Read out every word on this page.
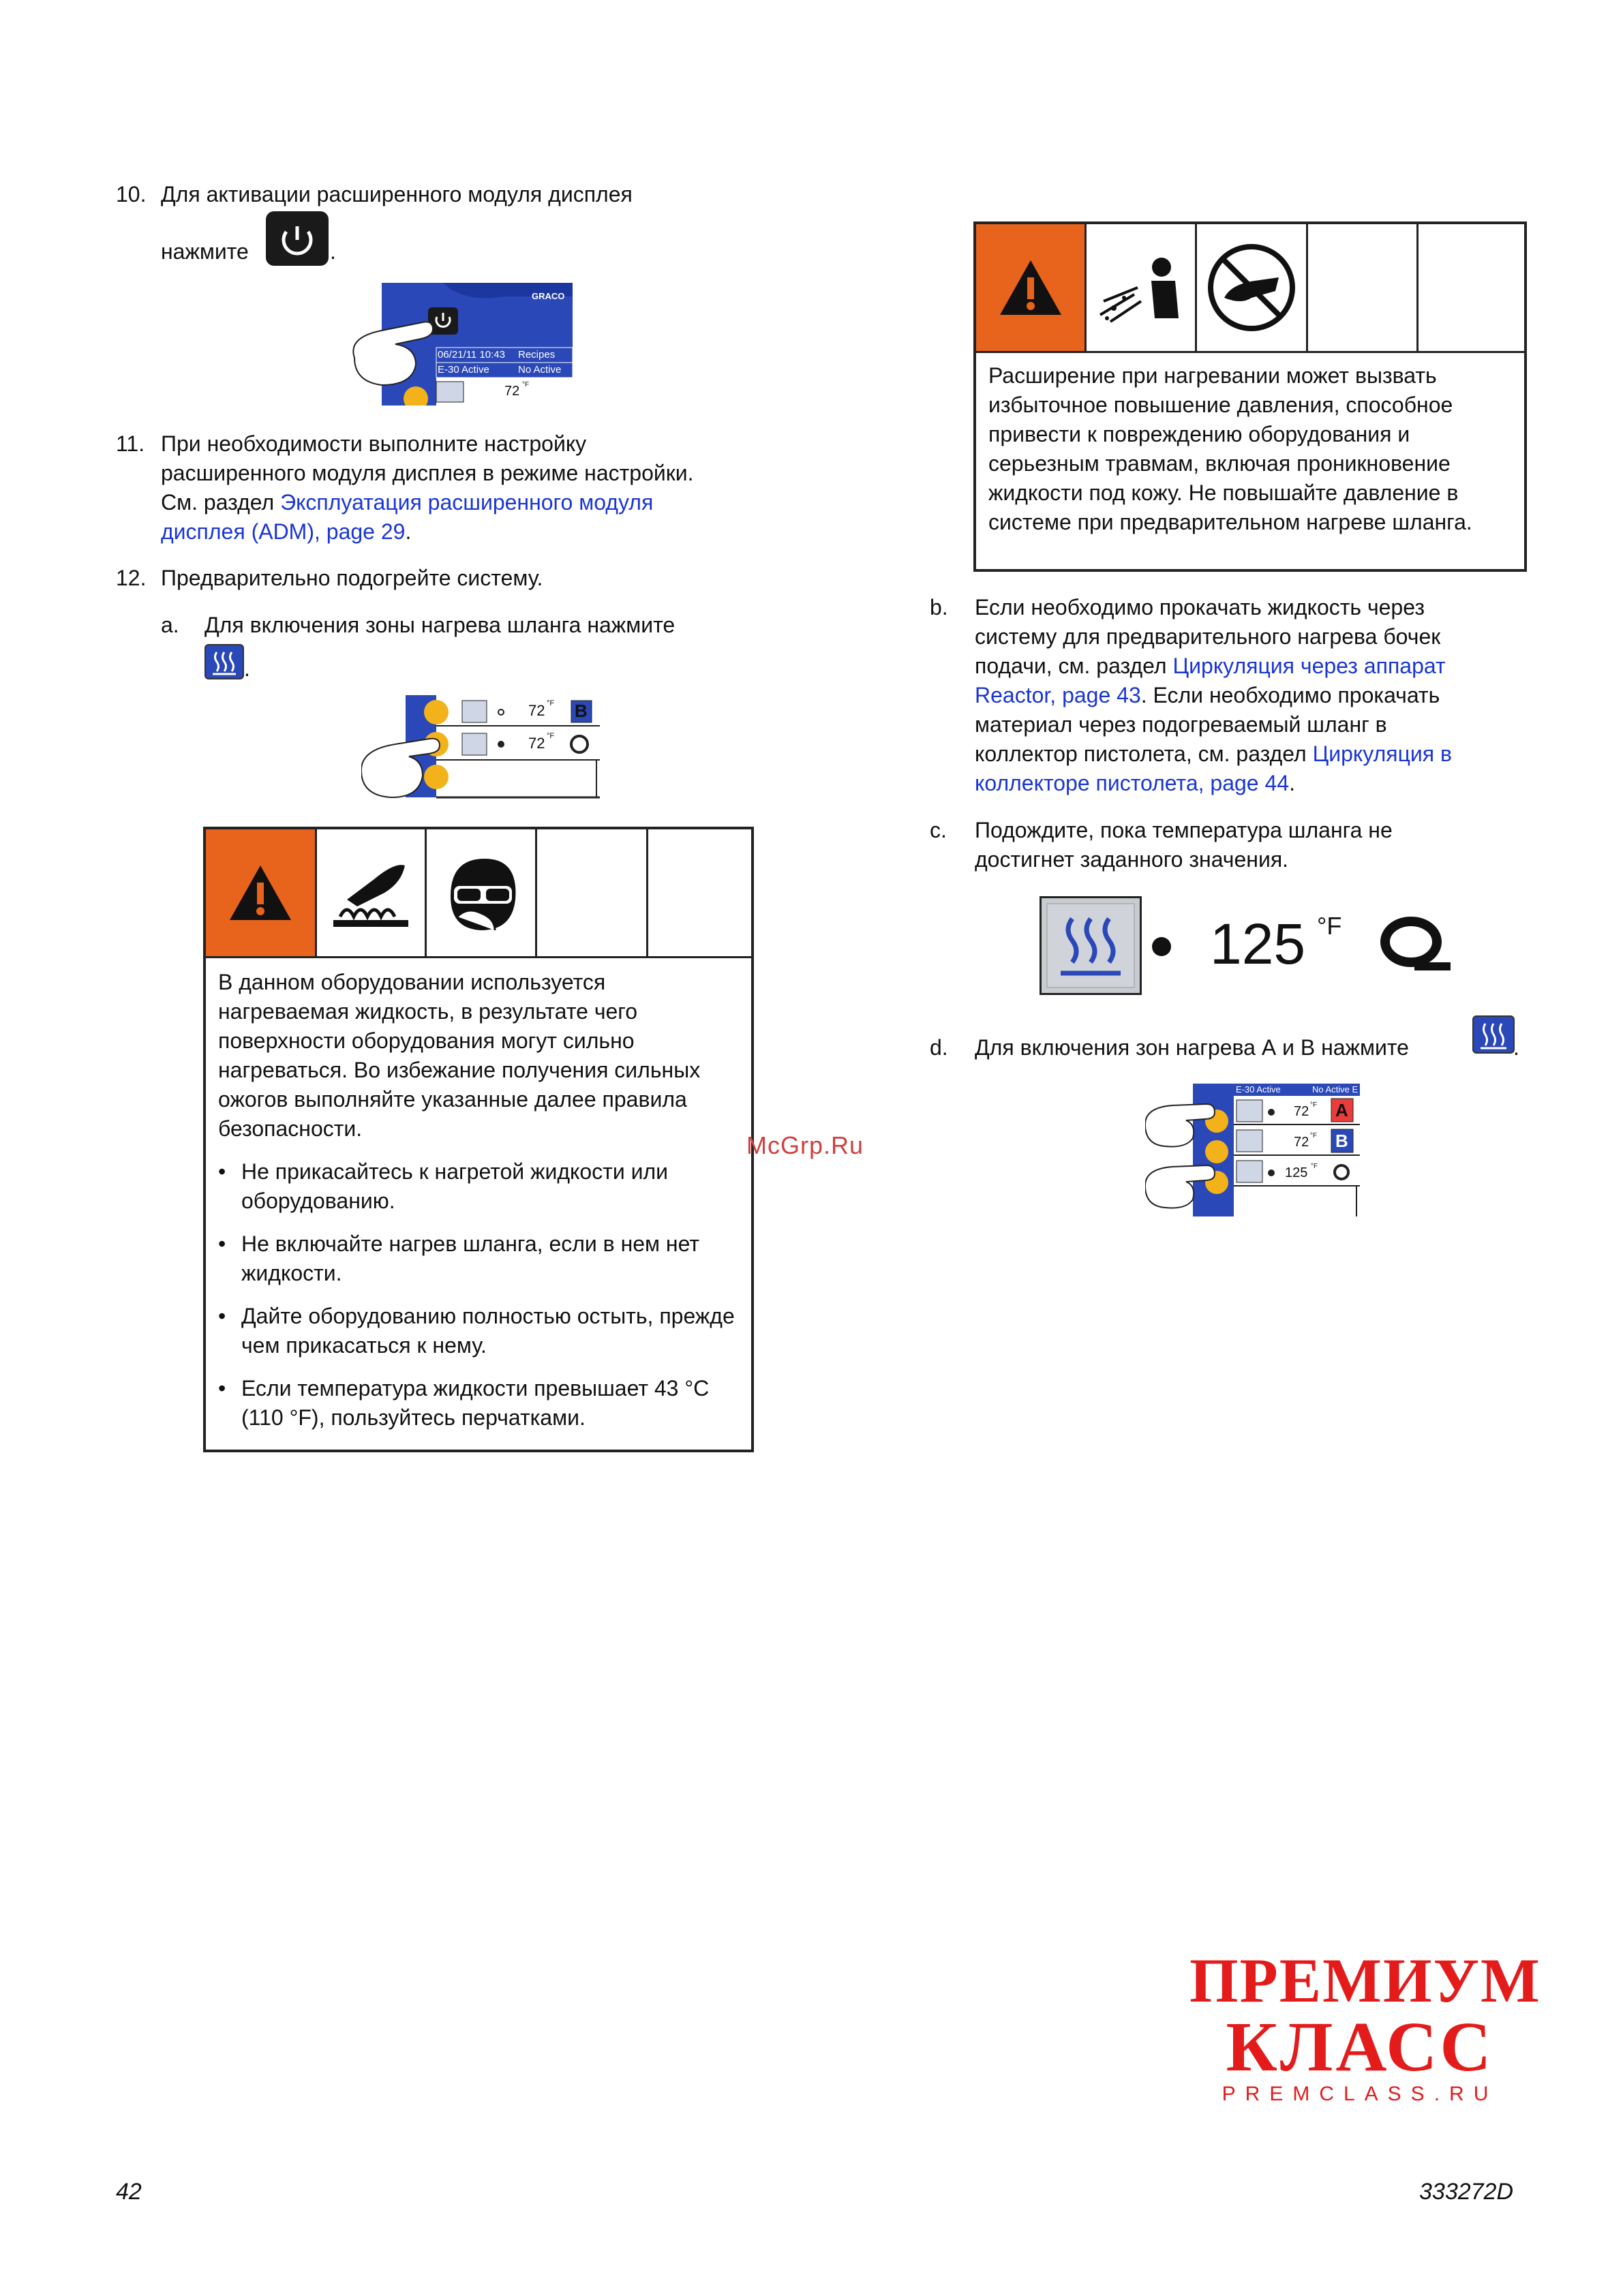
10. Для активации расширенного модуля дисплея
нажмите	.
06/21/11 10:43 Recipes
E-30 Active	No Active
72 °F
GRACO
11. При необходимости выполните настройку
расширенного модуля дисплея в режиме настройки.
См. раздел Эксплуатация расширенного модуля
дисплея (ADM), page 29.
12. Предварительно подогрейте систему.
a. Для включения зоны нагрева шланга нажмите
.
72 °F B
72 °F
В данном оборудовании используется нагреваемая жидкость, в результате чего поверхности оборудования могут сильно нагреваться. Во избежание получения сильных ожогов выполняйте указанные далее правила безопасности.
• Не прикасайтесь к нагретой жидкости или оборудованию.
• Не включайте нагрев шланга, если в нем нет жидкости.
• Дайте оборудованию полностью остыть, прежде чем прикасаться к нему.
• Если температура жидкости превышает 43 °C (110 °F), пользуйтесь перчатками.
McGrp.Ru
Расширение при нагревании может вызвать избыточное повышение давления, способное привести к повреждению оборудования и серьезным травмам, включая проникновение жидкости под кожу. Не повышайте давление в системе при предварительном нагреве шланга.
b. Если необходимо прокачать жидкость через
систему для предварительного нагрева бочек
подачи, см. раздел Циркуляция через аппарат
Reactor, page 43. Если необходимо прокачать
материал через подогреваемый шланг в
коллектор пистолета, см. раздел Циркуляция в
коллекторе пистолета, page 44.
c. Подождите, пока температура шланга не
достигнет заданного значения.
125 °F
d. Для включения зон нагрева А и В нажмите	.
E-30 Active	No Active E
72 °F A
72 °F B
125 °F
ПРЕМИУМ
КЛАСС
PREMCLASS.RU
42	333272D
